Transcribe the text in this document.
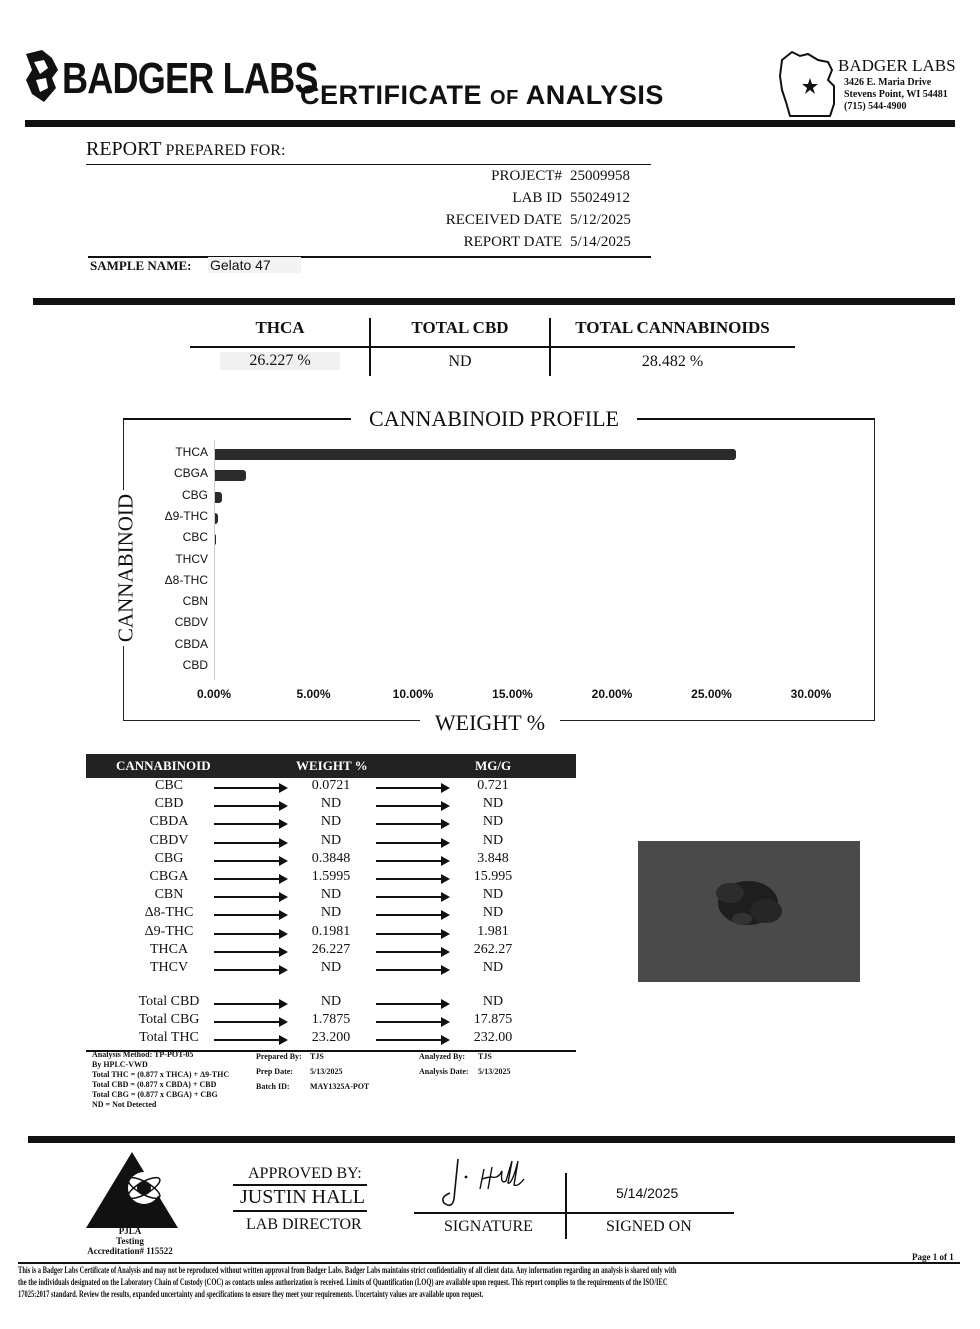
BADGER LABS
CERTIFICATE OF ANALYSIS
BADGER LABS
3426 E. Maria Drive
Stevens Point, WI 54481
(715) 544-4900
REPORT PREPARED FOR:
PROJECT# 25009958
LAB ID 55024912
RECEIVED DATE 5/12/2025
REPORT DATE 5/14/2025
SAMPLE NAME: Gelato 47
THCA	TOTAL CBD	TOTAL CANNABINOIDS
26.227 %	ND	28.482 %
CANNABINOID PROFILE
WEIGHT %
CANNABINOID
THCA
CBGA
CBG
Δ9-THC
CBC
THCV
Δ8-THC
CBN
CBDV
CBDA
CBD
0.00%	5.00%	10.00%	15.00%	20.00%	25.00%	30.00%
CANNABINOID	WEIGHT %	MG/G
CBC	0.0721	0.721
CBD	ND	ND
CBDA	ND	ND
CBDV	ND	ND
CBG	0.3848	3.848
CBGA	1.5995	15.995
CBN	ND	ND
Δ8-THC	ND	ND
Δ9-THC	0.1981	1.981
THCA	26.227	262.27
THCV	ND	ND
Total CBD	ND	ND
Total CBG	1.7875	17.875
Total THC	23.200	232.00
Analysis Method: TP-POT-05
By HPLC-VWD
Total THC = (0.877 x THCA) + Δ9-THC
Total CBD = (0.877 x CBDA) + CBD
Total CBG = (0.877 x CBGA) + CBG
ND = Not Detected
Prepared By: TJS
Prep Date: 5/13/2025
Batch ID:	MAY1325A-POT
Analyzed By: TJS
Analysis Date: 5/13/2025
PJLA
Testing
Accreditation# 115522
APPROVED BY:
JUSTIN HALL
LAB DIRECTOR	SIGNATURE
5/14/2025
SIGNED ON
Page 1 of 1
This is a Badger Labs Certificate of Analysis and may not be reproduced without written approval from Badger Labs. Badger Labs maintains strict confidentiality of all client data. Any information regarding an analysis is shared only with
the the individuals designated on the Laboratory Chain of Custody (COC) as contacts unless authorization is received. Limits of Quantification (LOQ) are available upon request. This report complies to the requirements of the ISO/IEC
17025:2017 standard. Review the results, expanded uncertainty and specifications to ensure they meet your requirements. Uncertainty values are available upon request.
